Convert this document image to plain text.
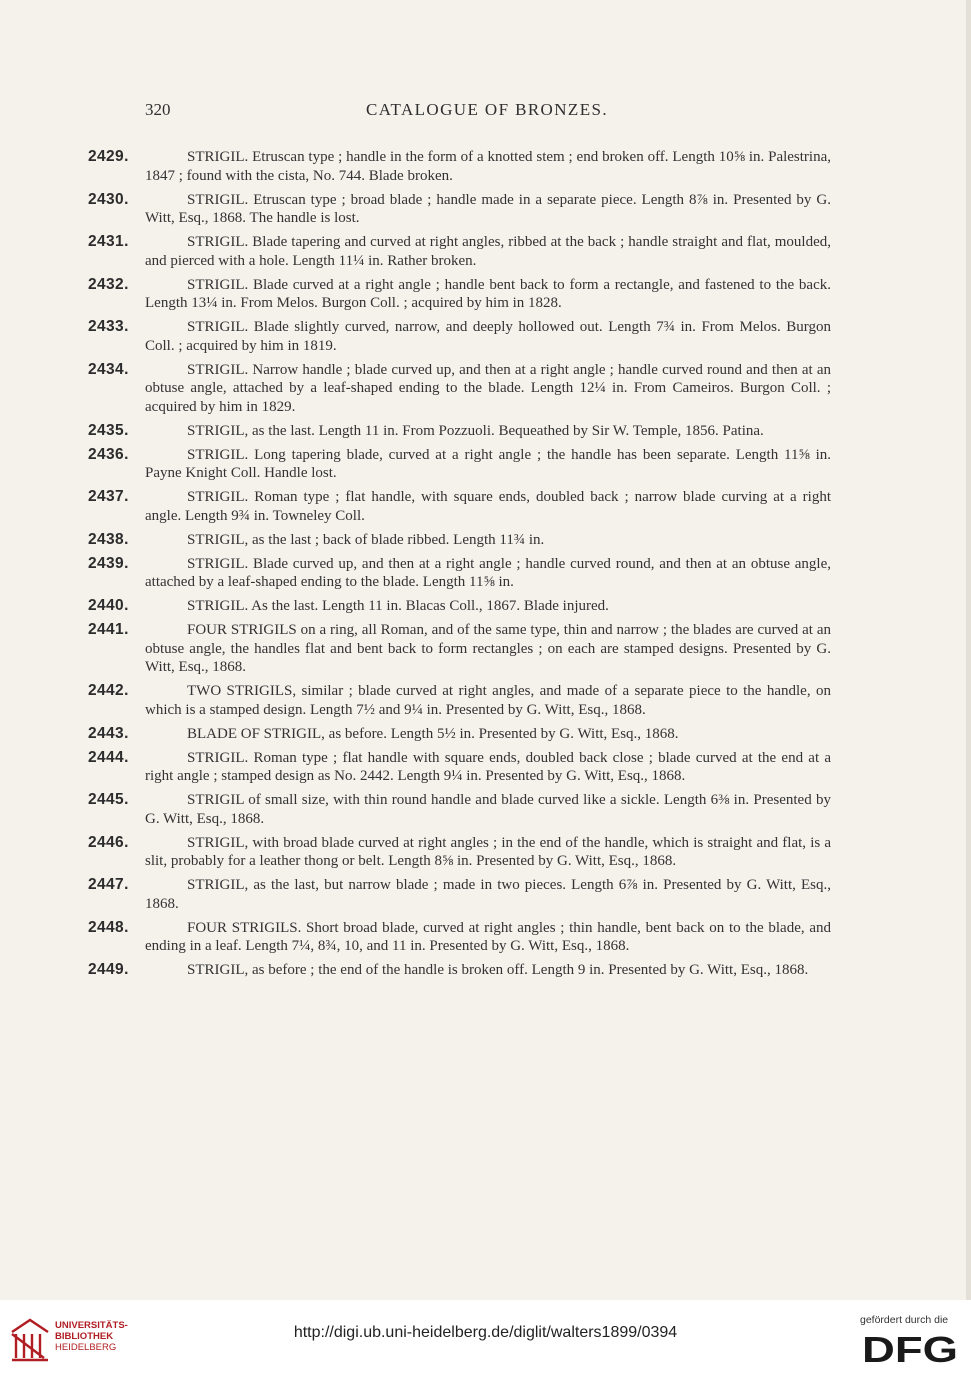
320	CATALOGUE OF BRONZES.
2429.	STRIGIL. Etruscan type ; handle in the form of a knotted stem ; end broken off. Length 10⅝ in. Palestrina, 1847 ; found with the cista, No. 744. Blade broken.
2430.	STRIGIL. Etruscan type ; broad blade ; handle made in a separate piece. Length 8⅞ in. Presented by G. Witt, Esq., 1868. The handle is lost.
2431.	STRIGIL. Blade tapering and curved at right angles, ribbed at the back ; handle straight and flat, moulded, and pierced with a hole. Length 11¼ in. Rather broken.
2432.	STRIGIL. Blade curved at a right angle ; handle bent back to form a rectangle, and fastened to the back. Length 13¼ in. From Melos. Burgon Coll. ; acquired by him in 1828.
2433.	STRIGIL. Blade slightly curved, narrow, and deeply hollowed out. Length 7¾ in. From Melos. Burgon Coll. ; acquired by him in 1819.
2434.	STRIGIL. Narrow handle ; blade curved up, and then at a right angle ; handle curved round and then at an obtuse angle, attached by a leaf-shaped ending to the blade. Length 12¼ in. From Cameiros. Burgon Coll. ; acquired by him in 1829.
2435.	STRIGIL, as the last. Length 11 in. From Pozzuoli. Bequeathed by Sir W. Temple, 1856. Patina.
2436.	STRIGIL. Long tapering blade, curved at a right angle ; the handle has been separate. Length 11⅝ in. Payne Knight Coll. Handle lost.
2437.	STRIGIL. Roman type ; flat handle, with square ends, doubled back ; narrow blade curving at a right angle. Length 9¾ in. Towneley Coll.
2438.	STRIGIL, as the last ; back of blade ribbed. Length 11¾ in.
2439.	STRIGIL. Blade curved up, and then at a right angle ; handle curved round, and then at an obtuse angle, attached by a leaf-shaped ending to the blade. Length 11⅝ in.
2440.	STRIGIL. As the last. Length 11 in. Blacas Coll., 1867. Blade injured.
2441.	FOUR STRIGILS on a ring, all Roman, and of the same type, thin and narrow ; the blades are curved at an obtuse angle, the handles flat and bent back to form rectangles ; on each are stamped designs. Presented by G. Witt, Esq., 1868.
2442.	TWO STRIGILS, similar ; blade curved at right angles, and made of a separate piece to the handle, on which is a stamped design. Length 7½ and 9¼ in. Presented by G. Witt, Esq., 1868.
2443.	BLADE OF STRIGIL, as before. Length 5½ in. Presented by G. Witt, Esq., 1868.
2444.	STRIGIL. Roman type ; flat handle with square ends, doubled back close ; blade curved at the end at a right angle ; stamped design as No. 2442. Length 9¼ in. Presented by G. Witt, Esq., 1868.
2445.	STRIGIL of small size, with thin round handle and blade curved like a sickle. Length 6⅜ in. Presented by G. Witt, Esq., 1868.
2446.	STRIGIL, with broad blade curved at right angles ; in the end of the handle, which is straight and flat, is a slit, probably for a leather thong or belt. Length 8⅝ in. Presented by G. Witt, Esq., 1868.
2447.	STRIGIL, as the last, but narrow blade ; made in two pieces. Length 6⅞ in. Presented by G. Witt, Esq., 1868.
2448.	FOUR STRIGILS. Short broad blade, curved at right angles ; thin handle, bent back on to the blade, and ending in a leaf. Length 7¼, 8¾, 10, and 11 in. Presented by G. Witt, Esq., 1868.
2449.	STRIGIL, as before ; the end of the handle is broken off. Length 9 in. Presented by G. Witt, Esq., 1868.
UNIVERSITÄTS-
BIBLIOTHEK
HEIDELBERG
http://digi.ub.uni-heidelberg.de/diglit/walters1899/0394
gefördert durch die
DFG
